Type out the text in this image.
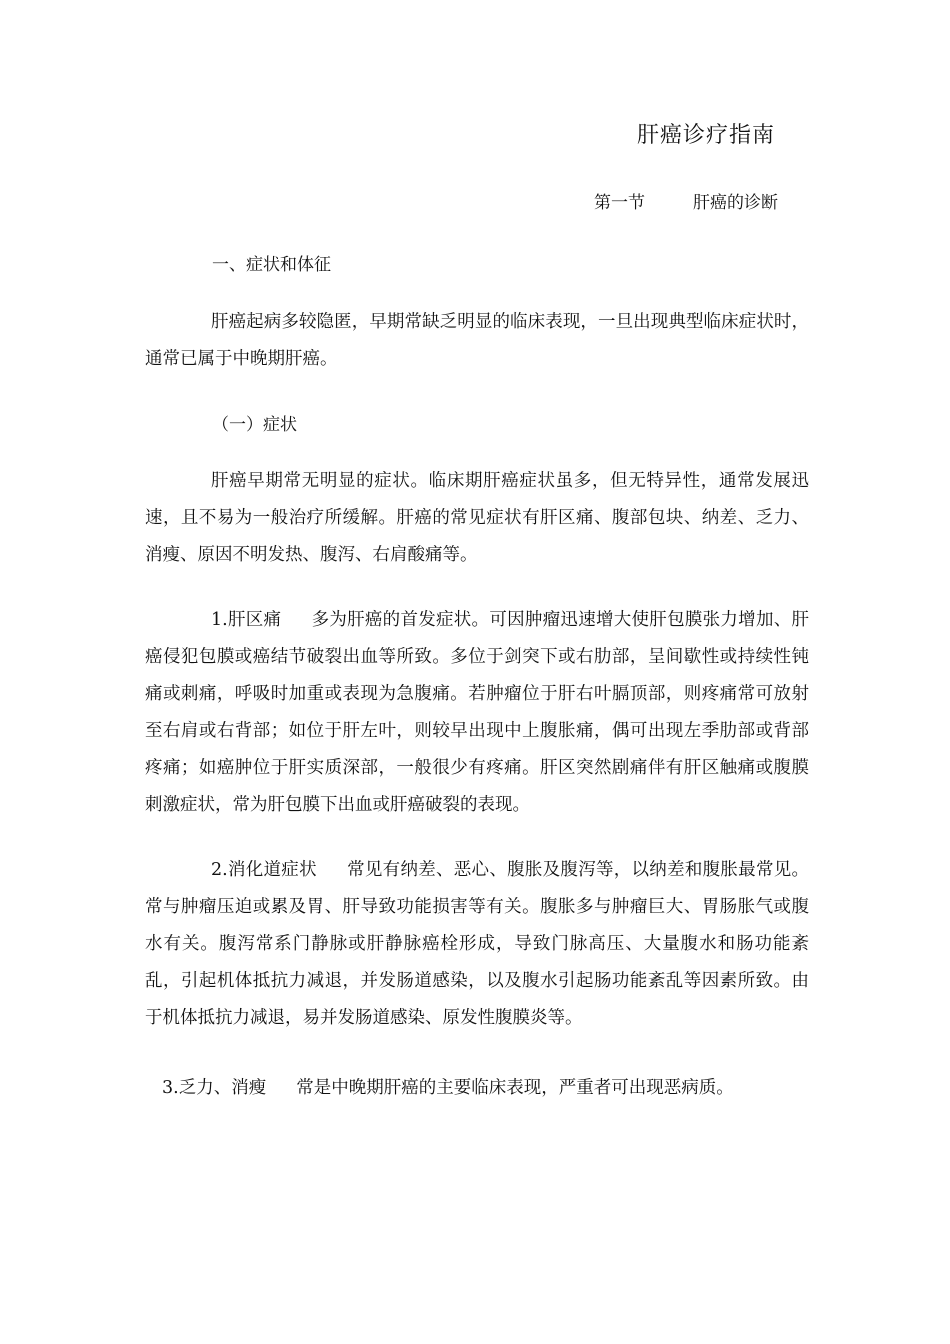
肝癌诊疗指南
第一节	肝癌的诊断
一、症状和体征

肝癌起病多较隐匿，早期常缺乏明显的临床表现，一旦出现典型临床症状时，通常已属于中晚期肝癌。

（一）症状

肝癌早期常无明显的症状。临床期肝癌症状虽多，但无特异性，通常发展迅速，且不易为一般治疗所缓解。肝癌的常见症状有肝区痛、腹部包块、纳差、乏力、消瘦、原因不明发热、腹泻、右肩酸痛等。

1.肝区痛 多为肝癌的首发症状。可因肿瘤迅速增大使肝包膜张力增加、肝癌侵犯包膜或癌结节破裂出血等所致。多位于剑突下或右肋部，呈间歇性或持续性钝痛或刺痛，呼吸时加重或表现为急腹痛。若肿瘤位于肝右叶膈顶部，则疼痛常可放射至右肩或右背部；如位于肝左叶，则较早出现中上腹胀痛，偶可出现左季肋部或背部疼痛；如癌肿位于肝实质深部，一般很少有疼痛。肝区突然剧痛伴有肝区触痛或腹膜刺激症状，常为肝包膜下出血或肝癌破裂的表现。

2.消化道症状 常见有纳差、恶心、腹胀及腹泻等，以纳差和腹胀最常见。常与肿瘤压迫或累及胃、肝导致功能损害等有关。腹胀多与肿瘤巨大、胃肠胀气或腹水有关。腹泻常系门静脉或肝静脉癌栓形成，导致门脉高压、大量腹水和肠功能紊乱，引起机体抵抗力减退，并发肠道感染，以及腹水引起肠功能紊乱等因素所致。由于机体抵抗力减退，易并发肠道感染、原发性腹膜炎等。

3.乏力、消瘦 常是中晚期肝癌的主要临床表现，严重者可出现恶病质。
